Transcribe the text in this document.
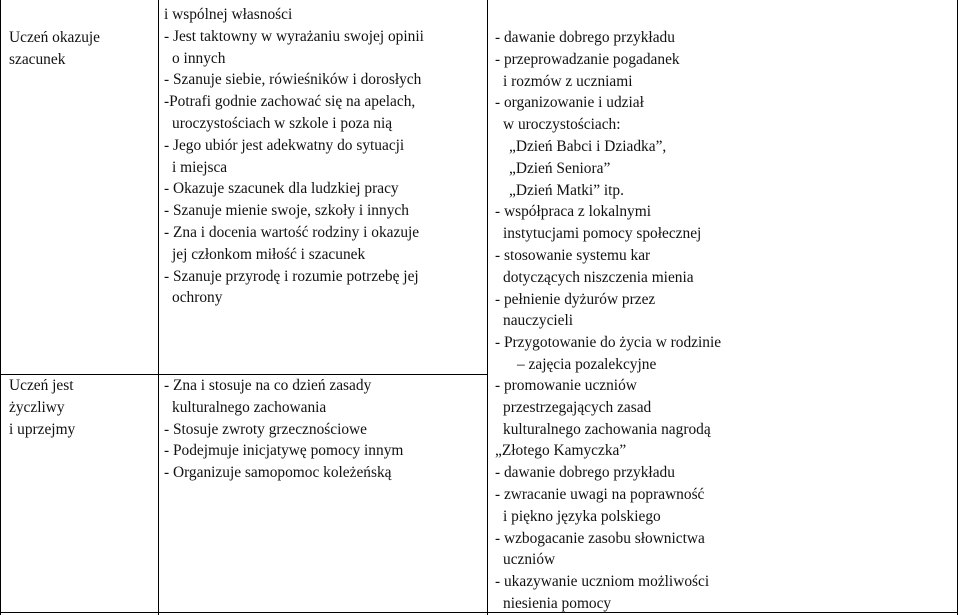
Uczeń okazuje
szacunek
i wspólnej własności
- Jest taktowny w wyrażaniu swojej opinii
o innych
- Szanuje siebie, rówieśników i dorosłych
-Potrafi godnie zachować się na apelach,
uroczystościach w szkole i poza nią
- Jego ubiór jest adekwatny do sytuacji
i miejsca
- Okazuje szacunek dla ludzkiej pracy
- Szanuje mienie swoje, szkoły i innych
- Zna i docenia wartość rodziny i okazuje
jej członkom miłość i szacunek
- Szanuje przyrodę i rozumie potrzebę jej
ochrony
- dawanie dobrego przykładu
- przeprowadzanie pogadanek
i rozmów z uczniami
- organizowanie i udział
w uroczystościach:
„Dzień Babci i Dziadka”,
„Dzień Seniora”
„Dzień Matki” itp.
- współpraca z lokalnymi
instytucjami pomocy społecznej
- stosowanie systemu kar
dotyczących niszczenia mienia
- pełnienie dyżurów przez
nauczycieli
- Przygotowanie do życia w rodzinie
– zajęcia pozalekcyjne
Uczeń jest
życzliwy
i uprzejmy
- Zna i stosuje na co dzień zasady
kulturalnego zachowania
- Stosuje zwroty grzecznościowe
- Podejmuje inicjatywę pomocy innym
- Organizuje samopomoc koleżeńską
- promowanie uczniów
przestrzegających zasad
kulturalnego zachowania nagrodą
„Złotego Kamyczka”
- dawanie dobrego przykładu
- zwracanie uwagi na poprawność
i piękno języka polskiego
- wzbogacanie zasobu słownictwa
uczniów
- ukazywanie uczniom możliwości
niesienia pomocy
